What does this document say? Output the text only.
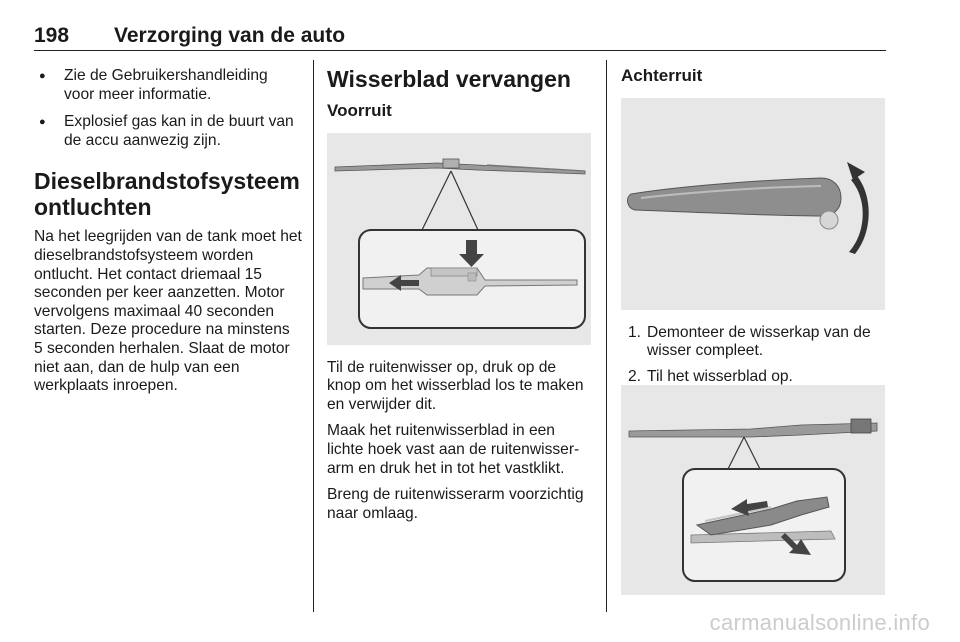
198 Verzorging van de auto
● Zie de Gebruikershandleiding voor meer informatie.
● Explosief gas kan in de buurt van de accu aanwezig zijn.
Dieselbrandstofsysteem ontluchten

Na het leegrijden van de tank moet het dieselbrandstofsysteem worden ontlucht. Het contact driemaal 15 seconden per keer aanzetten. Motor vervolgens maximaal 40 seconden starten. Deze procedure na minstens 5 seconden herhalen. Slaat de motor niet aan, dan de hulp van een werkplaats inroepen.

Wisserblad vervangen
Voorruit

Til de ruitenwisser op, druk op de knop om het wisserblad los te maken en verwijder dit.

Maak het ruitenwisserblad in een lichte hoek vast aan de ruitenwisser-arm en druk het in tot het vastklikt.

Breng de ruitenwisserarm voorzichtig naar omlaag.

Achterruit
1. Demonteer de wisserkap van de wisser compleet.
2. Til het wisserblad op.
carmanualsonline.info
